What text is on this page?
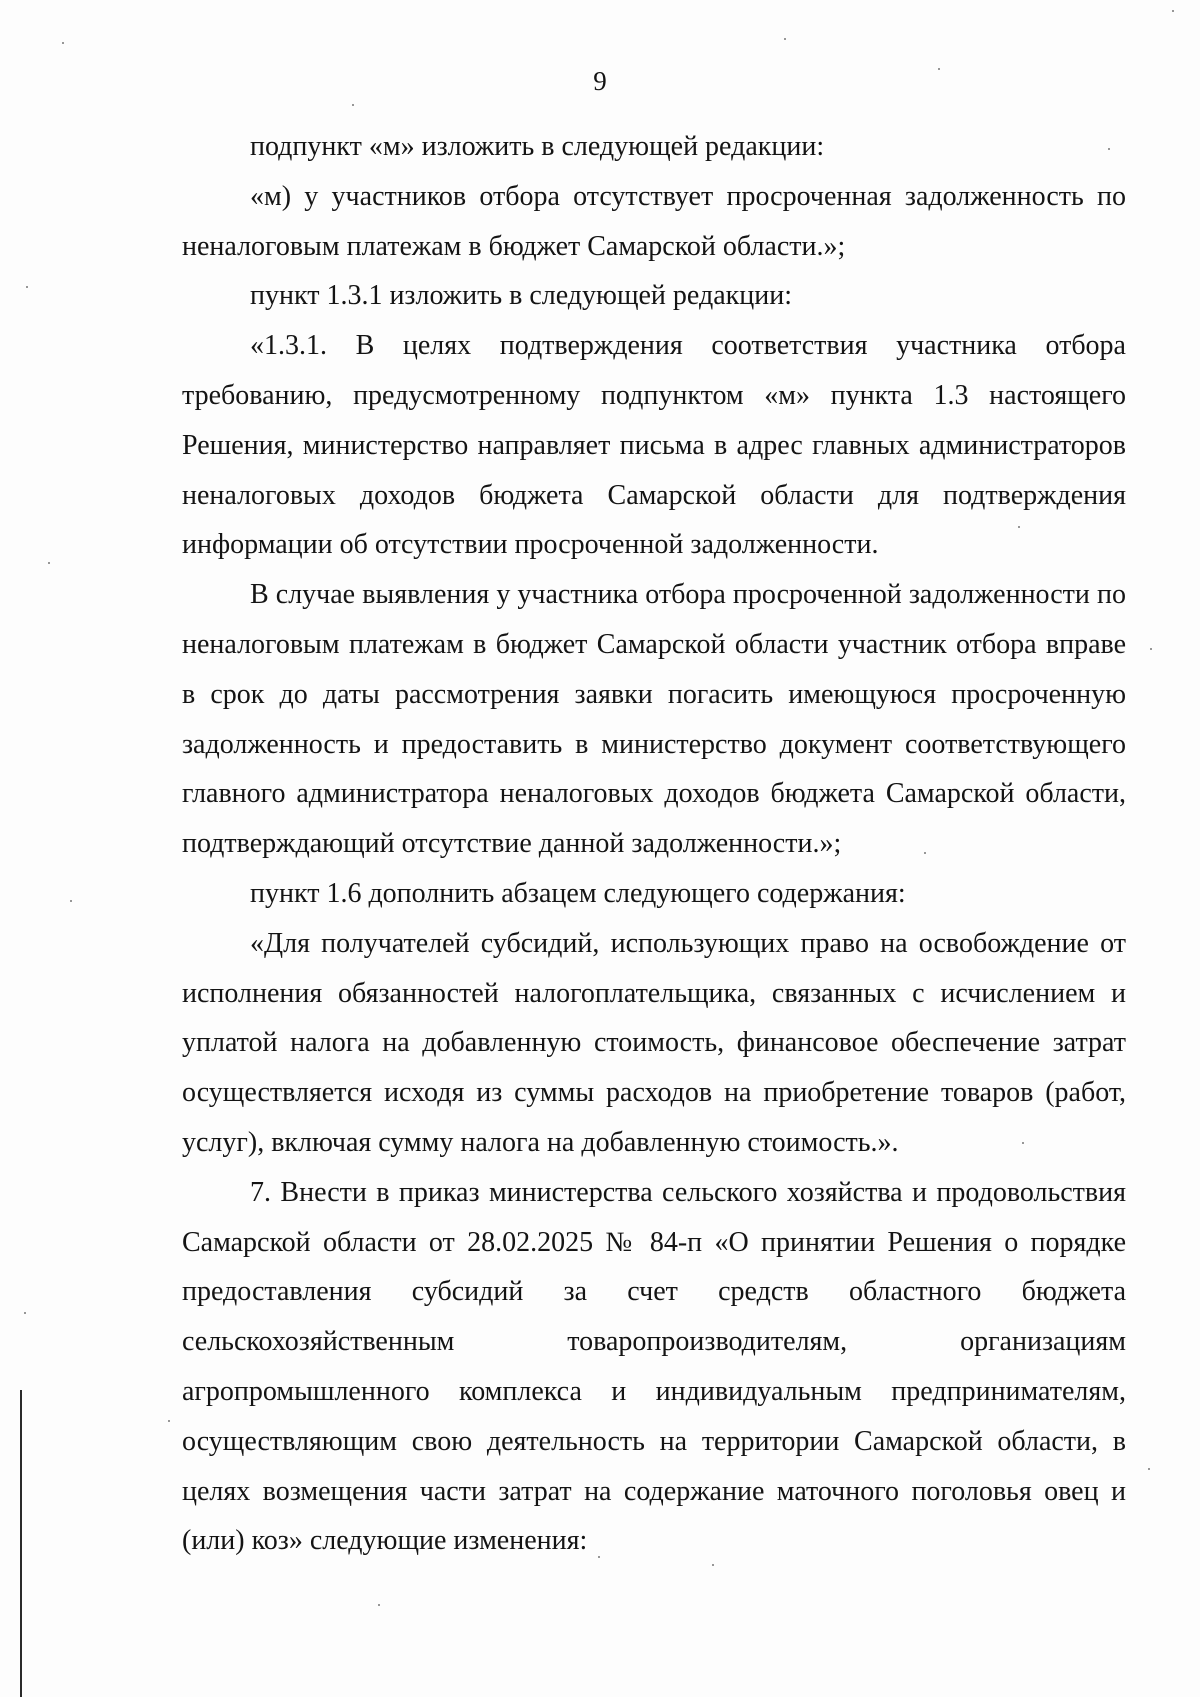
9

подпункт «м» изложить в следующей редакции:

«м) у участников отбора отсутствует просроченная задолженность по неналоговым платежам в бюджет Самарской области.»;

пункт 1.3.1 изложить в следующей редакции:

«1.3.1. В целях подтверждения соответствия участника отбора требованию, предусмотренному подпунктом «м» пункта 1.3 настоящего Решения, министерство направляет письма в адрес главных администраторов неналоговых доходов бюджета Самарской области для подтверждения информации об отсутствии просроченной задолженности.

В случае выявления у участника отбора просроченной задолженности по неналоговым платежам в бюджет Самарской области участник отбора вправе в срок до даты рассмотрения заявки погасить имеющуюся просроченную задолженность и предоставить в министерство документ соответствующего главного администратора неналоговых доходов бюджета Самарской области, подтверждающий отсутствие данной задолженности.»;

пункт 1.6 дополнить абзацем следующего содержания:

«Для получателей субсидий, использующих право на освобождение от исполнения обязанностей налогоплательщика, связанных с исчислением и уплатой налога на добавленную стоимость, финансовое обеспечение затрат осуществляется исходя из суммы расходов на приобретение товаров (работ, услуг), включая сумму налога на добавленную стоимость.».

7. Внести в приказ министерства сельского хозяйства и продовольствия Самарской области от 28.02.2025 № 84-п «О принятии Решения о порядке предоставления субсидий за счет средств областного бюджета сельскохозяйственным товаропроизводителям, организациям агропромышленного комплекса и индивидуальным предпринимателям, осуществляющим свою деятельность на территории Самарской области, в целях возмещения части затрат на содержание маточного поголовья овец и (или) коз» следующие изменения:
